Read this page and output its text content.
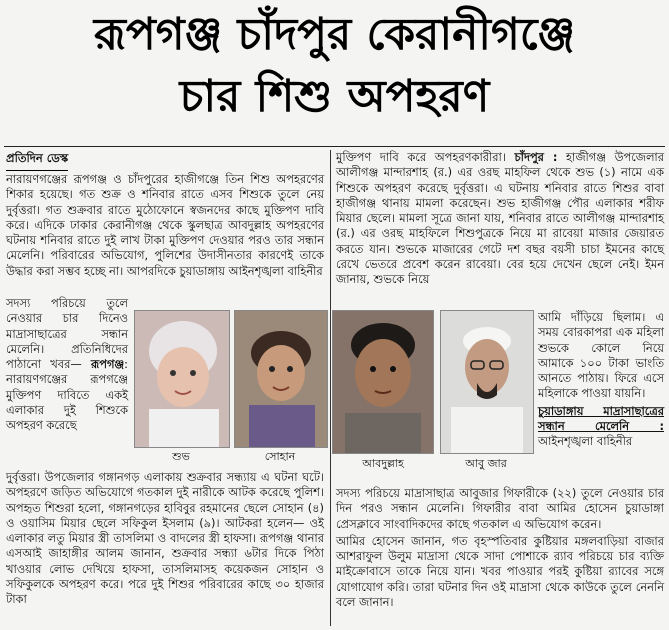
রূপগঞ্জ চাঁদপুর কেরানীগঞ্জে
চার শিশু অপহরণ
প্রতিদিন ডেস্ক

নারায়ণগঞ্জের রূপগঞ্জ ও চাঁদপুরের হাজীগঞ্জে তিন শিশু অপহরণের শিকার হয়েছে। গত শুক্র ও শনিবার রাতে এসব শিশুকে তুলে নেয় দুর্বৃত্তরা। গত শুক্রবার রাতে মুঠোফোনে স্বজনদের কাছে মুক্তিপণ দাবি করে। এদিকে ঢাকার কেরানীগঞ্জ থেকে স্কুলছাত্র আবদুল্লাহ অপহরণের ঘটনায় শনিবার রাতে দুই লাখ টাকা মুক্তিপণ দেওয়ার পরও তার সন্ধান মেলেনি। পরিবারের অভিযোগ, পুলিশের উদাসীনতার কারণেই তাকে উদ্ধার করা সম্ভব হচ্ছে না। আপরদিকে চুয়াডাঙ্গায় আইনশৃঙ্খলা বাহিনীর

সদস্য পরিচয়ে তুলে নেওয়ার চার দিনেও মাদ্রাসাছাত্রের সন্ধান মেলেনি। প্রতিনিধিদের পাঠানো খবর— রূপগঞ্জ: নারায়ণগঞ্জের রূপগঞ্জে মুক্তিপণ দাবিতে একই এলাকার দুই শিশুকে অপহরণ করেছে

দুর্বৃত্তরা। উপজেলার গঙ্গানগড় এলাকায় শুক্রবার সন্ধ্যায় এ ঘটনা ঘটে। অপহরণে জড়িত অভিযোগে গতকাল দুই নারীকে আটক করেছে পুলিশ। অপহৃত শিশুরা হলো, গঙ্গানগড়ের হাবিবুর রহমানের ছেলে সোহান (৪) ও ওয়াসিম মিয়ার ছেলে সফিকুল ইসলাম (৯)। আটকরা হলেন— ওই এলাকার লতু মিয়ার স্ত্রী তাসলিমা ও বাদলের স্ত্রী হাফসা। রূপগঞ্জ থানার এসআই জাহাঙ্গীর আলম জানান, শুক্রবার সন্ধ্যা ৬টার দিকে পিঠা খাওয়ার লোভ দেখিয়ে হাফসা, তাসলিমাসহ কয়েকজন সোহান ও সফিকুলকে অপহরণ করে। পরে দুই শিশুর পরিবারের কাছে ৩০ হাজার টাকা

মুক্তিপণ দাবি করে অপহরণকারীরা। চাঁদপুর : হাজীগঞ্জ উপজেলার আলীগঞ্জ মান্দারশাহ (র.) এর ওরছ মাহফিল থেকে শুভ (১) নামে এক শিশুকে অপহরণ করেছে দুর্বৃত্তরা। এ ঘটনায় শনিবার রাতে শিশুর বাবা হাজীগঞ্জ থানায় মামলা করেছেন। শুভ হাজীগঞ্জ পৌর এলাকার শরীফ মিয়ার ছেলে। মামলা সূত্রে জানা যায়, শনিবার রাতে আলীগঞ্জ মান্দারশাহ (র.) এর ওরছ মাহফিলে শিশুপুত্রকে নিয়ে মা রাবেয়া মাজার জেয়ারত করতে যান। শুভকে মাজারের গেটে দশ বছর বয়সী চাচা ইমনের কাছে রেখে ভেতরে প্রবেশ করেন রাবেয়া। বের হয়ে দেখেন ছেলে নেই। ইমন জানায়, শুভকে নিয়ে

আমি দাঁড়িয়ে ছিলাম। এ সময় বোরকাপরা এক মহিলা শুভকে কোলে নিয়ে আমাকে ১০০ টাকা ভাংতি আনতে পাঠায়। ফিরে এসে মহিলাকে পাওয়া যায়নি।

চুয়াডাঙ্গায় মাদ্রাসাছাত্রের সন্ধান মেলেনি : আইনশৃঙ্খলা বাহিনীর

সদস্য পরিচয়ে মাদ্রাসাছাত্র আবুজার গিফারীকে (২২) তুলে নেওয়ার চার দিন পরও সন্ধান মেলেনি। গিফারীর বাবা আমির হোসেন চুয়াডাঙ্গা প্রেসক্লাবে সাংবাদিকদের কাছে গতকাল এ অভিযোগ করেন।

আমির হোসেন জানান, গত বৃহস্পতিবার কুষ্টিয়ার মঙ্গলবাড়িয়া বাজার আশরাফুল উলুম মাদ্রাসা থেকে সাদা পোশাকে র‌্যাব পরিচয়ে চার ব্যক্তি মাইক্রোবাসে তাকে নিয়ে যান। খবর পাওয়ার পরই কুষ্টিয়া র‌্যাবের সঙ্গে যোগাযোগ করি। তারা ঘটনার দিন ওই মাদ্রাসা থেকে কাউকে তুলে নেননি বলে জানান।

শুভ	সোহান
আবদুল্লাহ	আবু জার
